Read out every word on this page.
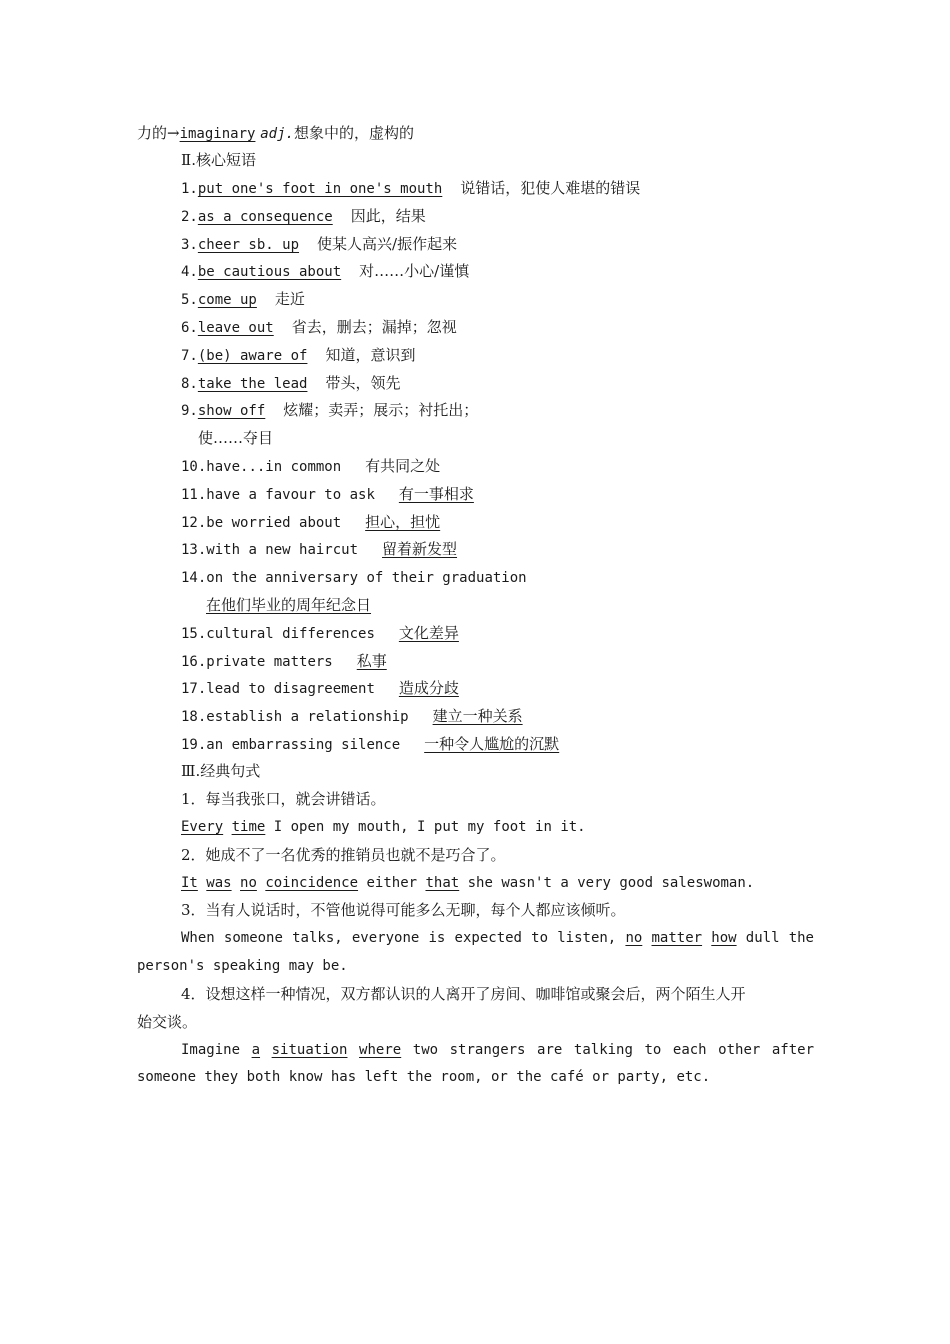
力的→imaginary adj.想象中的，虚构的
Ⅱ.核心短语
1.put one's foot in one's mouth 说错话，犯使人难堪的错误
2.as a consequence 因此，结果
3.cheer sb. up 使某人高兴/振作起来
4.be cautious about 对……小心/谨慎
5.come up 走近
6.leave out 省去，删去；漏掉；忽视
7.(be) aware of 知道，意识到
8.take the lead 带头，领先
9.show off 炫耀；卖弄；展示；衬托出；
使……夺目
10.have...in common 有共同之处
11.have a favour to ask 有一事相求
12.be worried about 担心，担忧
13.with a new haircut 留着新发型
14.on the anniversary of their graduation
在他们毕业的周年纪念日
15.cultural differences 文化差异
16.private matters 私事
17.lead to disagreement 造成分歧
18.establish a relationship 建立一种关系
19.an embarrassing silence 一种令人尴尬的沉默
Ⅲ.经典句式
1．每当我张口，就会讲错话。
Every time I open my mouth, I put my foot in it.
2．她成不了一名优秀的推销员也就不是巧合了。
It was no coincidence either that she wasn't a very good saleswoman.
3．当有人说话时，不管他说得可能多么无聊，每个人都应该倾听。
When someone talks, everyone is expected to listen, no matter how dull the
person's speaking may be.
4．设想这样一种情况，双方都认识的人离开了房间、咖啡馆或聚会后，两个陌生人开
始交谈。
Imagine a situation where two strangers are talking to each other after
someone they both know has left the room, or the café or party, etc.
